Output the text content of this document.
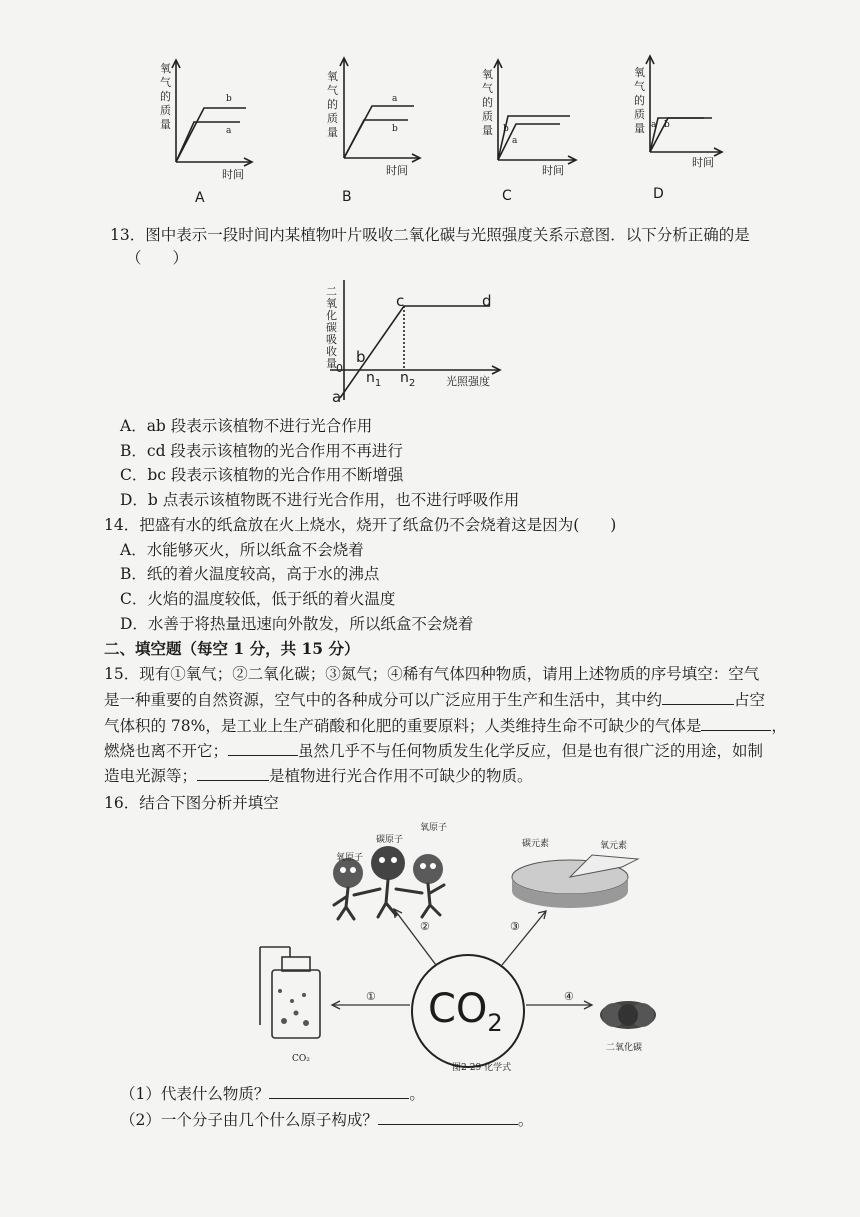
氧气的质量
氧气的质量
氧气的质量
氧气的质量
时间	时间	时间
时间
b
a
a
b	b
a
a b
A	B	C	D
13．图中表示一段时间内某植物叶片吸收二氧化碳与光照强度关系示意图．以下分析正确的是
（　　）
二氧化碳吸收量
光照强度
c	d
b
0
a
$n_1$ $n_2$
A．ab 段表示该植物不进行光合作用
B．cd 段表示该植物的光合作用不再进行
C．bc 段表示该植物的光合作用不断增强
D．b 点表示该植物既不进行光合作用，也不进行呼吸作用
14．把盛有水的纸盒放在火上烧水，烧开了纸盒仍不会烧着这是因为(　　)
A．水能够灭火，所以纸盒不会烧着
B．纸的着火温度较高，高于水的沸点
C．火焰的温度较低，低于纸的着火温度
D．水善于将热量迅速向外散发，所以纸盒不会烧着
二、填空题（每空 1 分，共 15 分）
15．现有①氧气；②二氧化碳；③氮气；④稀有气体四种物质，请用上述物质的序号填空：空气
是一种重要的自然资源，空气中的各种成分可以广泛应用于生产和生活中，其中约	占空
气体积的 78%，是工业上生产硝酸和化肥的重要原料；人类维持生命不可缺少的气体是	，
燃烧也离不开它；	虽然几乎不与任何物质发生化学反应，但是也有很广泛的用途，如制
造电光源等；	是植物进行光合作用不可缺少的物质。
16．结合下图分析并填空
$CO_2$
①
②	③
④
氧原子
碳原子
氧原子
碳元素	氧元素
CO₂
二氧化碳
图2-29 化学式
（1）代表什么物质？	。
（2）一个分子由几个什么原子构成？	。
